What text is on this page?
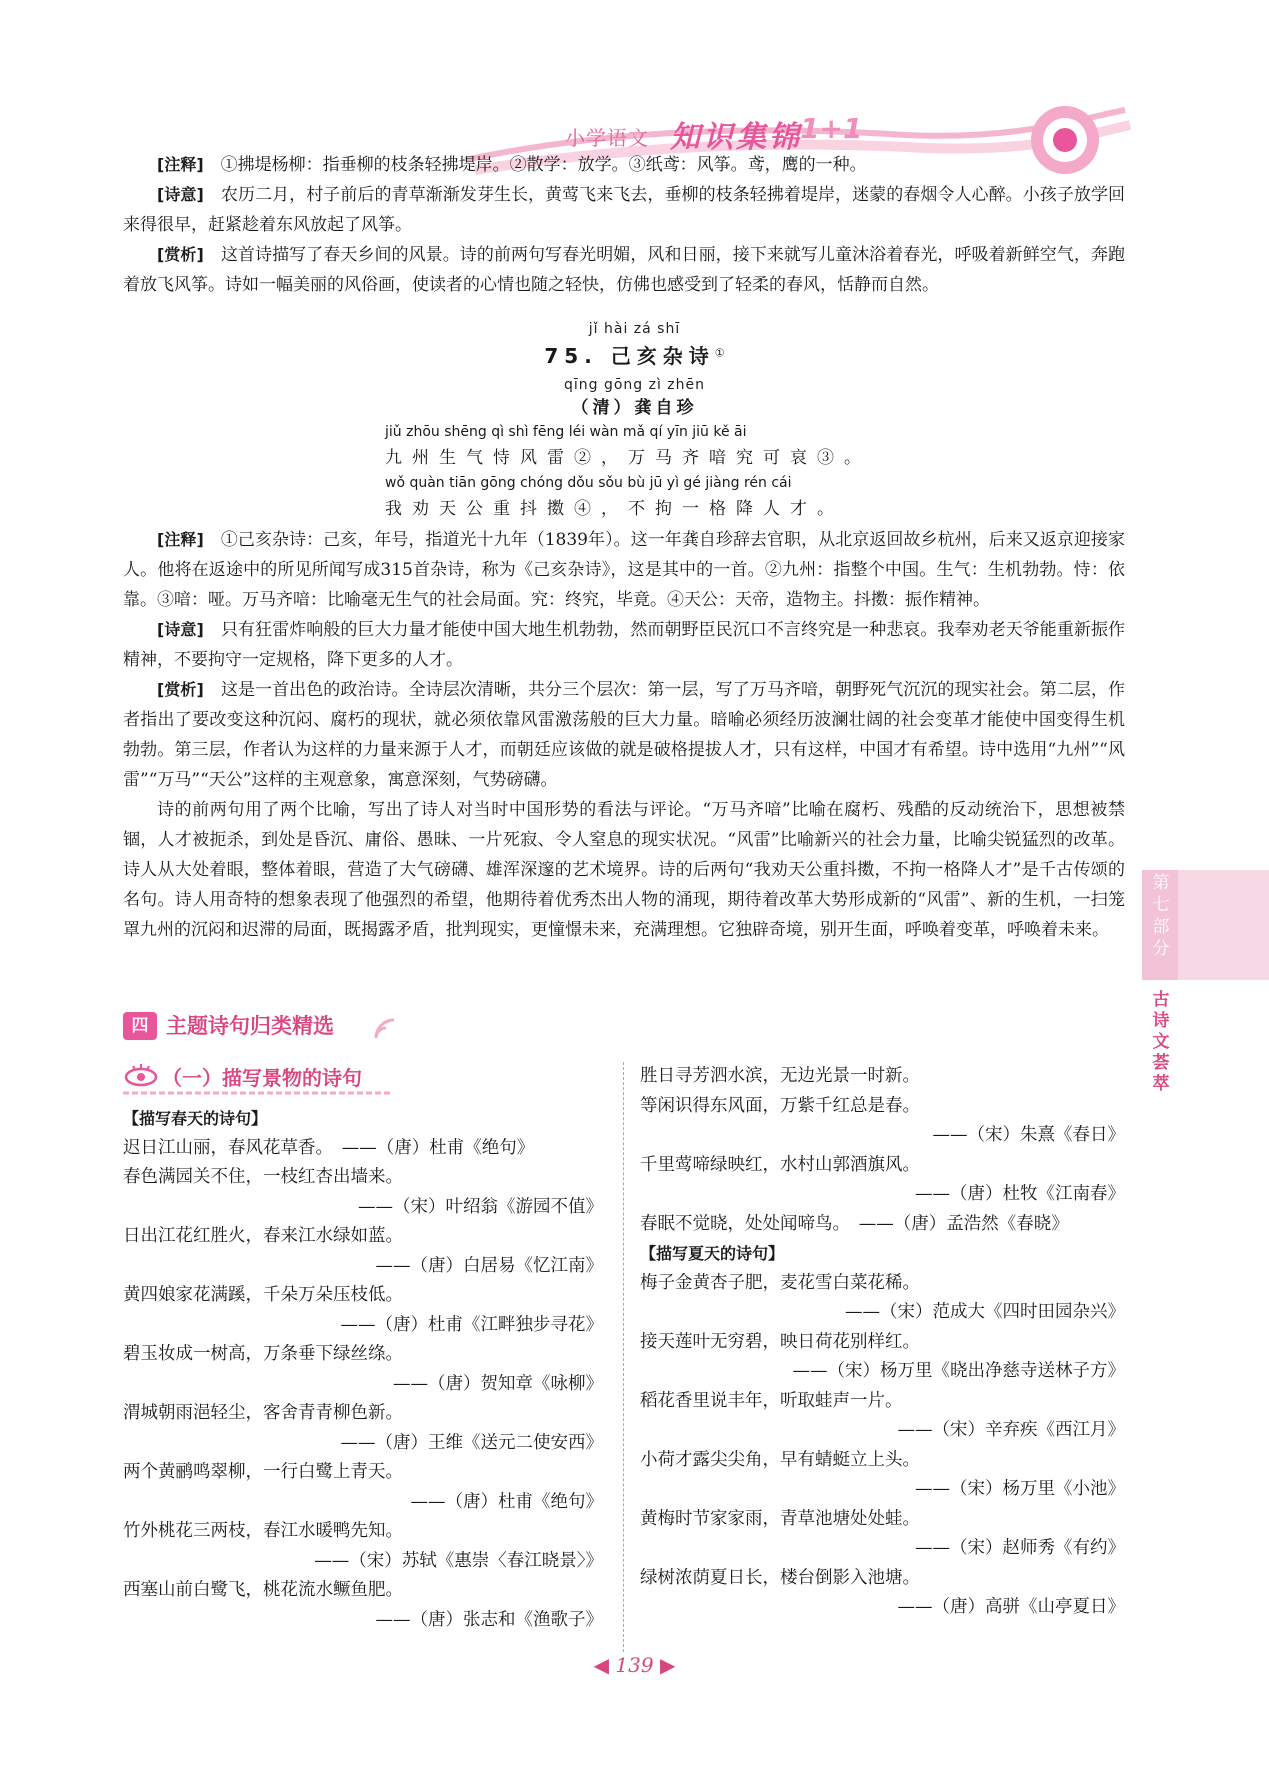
小学语文 知识集锦
1+1

[注释]　 ①拂堤杨柳：指垂柳的枝条轻拂堤岸。②散学：放学。③纸鸢：风筝。鸢，鹰的一种。

[诗意]　 农历二月，村子前后的青草渐渐发芽生长，黄莺飞来飞去，垂柳的枝条轻拂着堤岸，迷蒙的春烟令人心醉。小孩子放学回来得很早，赶紧趁着东风放起了风筝。

[赏析]　 这首诗描写了春天乡间的风景。诗的前两句写春光明媚，风和日丽，接下来就写儿童沐浴着春光，呼吸着新鲜空气，奔跑着放飞风筝。诗如一幅美丽的风俗画，使读者的心情也随之轻快，仿佛也感受到了轻柔的春风，恬静而自然。

jǐ hài zá shī
75. 己亥杂诗①
qīng gōng zì zhēn
（清）龚自珍
jiǔ zhōu shēng qì shì fēng léi wàn mǎ qí yīn jiū kě āi
九州生气恃风雷②，万马齐喑究可哀③。
wǒ quàn tiān gōng chóng dǒu sǒu bù jū yì gé jiàng rén cái
我劝天公重抖擞④，不拘一格降人才。

[注释]　 ①己亥杂诗：己亥，年号，指道光十九年（1839年）。这一年龚自珍辞去官职，从北京返回故乡杭州，后来又返京迎接家人。他将在返途中的所见所闻写成315首杂诗，称为《己亥杂诗》，这是其中的一首。②九州：指整个中国。生气：生机勃勃。恃：依靠。③喑：哑。万马齐喑：比喻毫无生气的社会局面。究：终究，毕竟。④天公：天帝，造物主。抖擞：振作精神。

[诗意]　 只有狂雷炸响般的巨大力量才能使中国大地生机勃勃，然而朝野臣民沉口不言终究是一种悲哀。我奉劝老天爷能重新振作精神，不要拘守一定规格，降下更多的人才。

[赏析]　 这是一首出色的政治诗。全诗层次清晰，共分三个层次：第一层，写了万马齐喑，朝野死气沉沉的现实社会。第二层，作者指出了要改变这种沉闷、腐朽的现状，就必须依靠风雷激荡般的巨大力量。暗喻必须经历波澜壮阔的社会变革才能使中国变得生机勃勃。第三层，作者认为这样的力量来源于人才，而朝廷应该做的就是破格提拔人才，只有这样，中国才有希望。诗中选用“九州”“风雷”“万马”“天公”这样的主观意象，寓意深刻，气势磅礴。

诗的前两句用了两个比喻，写出了诗人对当时中国形势的看法与评论。“万马齐喑”比喻在腐朽、残酷的反动统治下，思想被禁锢，人才被扼杀，到处是昏沉、庸俗、愚昧、一片死寂、令人窒息的现实状况。“风雷”比喻新兴的社会力量，比喻尖锐猛烈的改革。诗人从大处着眼，整体着眼，营造了大气磅礴、雄浑深邃的艺术境界。诗的后两句“我劝天公重抖擞，不拘一格降人才”是千古传颂的名句。诗人用奇特的想象表现了他强烈的希望，他期待着优秀杰出人物的涌现，期待着改革大势形成新的“风雷”、新的生机，一扫笼罩九州的沉闷和迟滞的局面，既揭露矛盾，批判现实，更憧憬未来，充满理想。它独辟奇境，别开生面，呼唤着变革，呼唤着未来。

第七部分
古诗文荟萃
四 主题诗句归类精选
（一）描写景物的诗句
【描写春天的诗句】
迟日江山丽，春风花草香。　——（唐）杜甫《绝句》
春色满园关不住，一枝红杏出墙来。
——（宋）叶绍翁《游园不值》
日出江花红胜火，春来江水绿如蓝。
——（唐）白居易《忆江南》
黄四娘家花满蹊，千朵万朵压枝低。
——（唐）杜甫《江畔独步寻花》
碧玉妆成一树高，万条垂下绿丝绦。
——（唐）贺知章《咏柳》
渭城朝雨浥轻尘，客舍青青柳色新。
——（唐）王维《送元二使安西》
两个黄鹂鸣翠柳，一行白鹭上青天。
——（唐）杜甫《绝句》
竹外桃花三两枝，春江水暖鸭先知。
——（宋）苏轼《惠崇〈春江晓景〉》
西塞山前白鹭飞，桃花流水鳜鱼肥。
——（唐）张志和《渔歌子》
胜日寻芳泗水滨，无边光景一时新。
等闲识得东风面，万紫千红总是春。
——（宋）朱熹《春日》
千里莺啼绿映红，水村山郭酒旗风。
——（唐）杜牧《江南春》
春眠不觉晓，处处闻啼鸟。　——（唐）孟浩然《春晓》
【描写夏天的诗句】
梅子金黄杏子肥，麦花雪白菜花稀。
——（宋）范成大《四时田园杂兴》
接天莲叶无穷碧，映日荷花别样红。
——（宋）杨万里《晓出净慈寺送林子方》
稻花香里说丰年，听取蛙声一片。
——（宋）辛弃疾《西江月》
小荷才露尖尖角，早有蜻蜓立上头。
——（宋）杨万里《小池》
黄梅时节家家雨，青草池塘处处蛙。
——（宋）赵师秀《有约》
绿树浓荫夏日长，楼台倒影入池塘。
——（唐）高骈《山亭夏日》
◀ 139 ▶
